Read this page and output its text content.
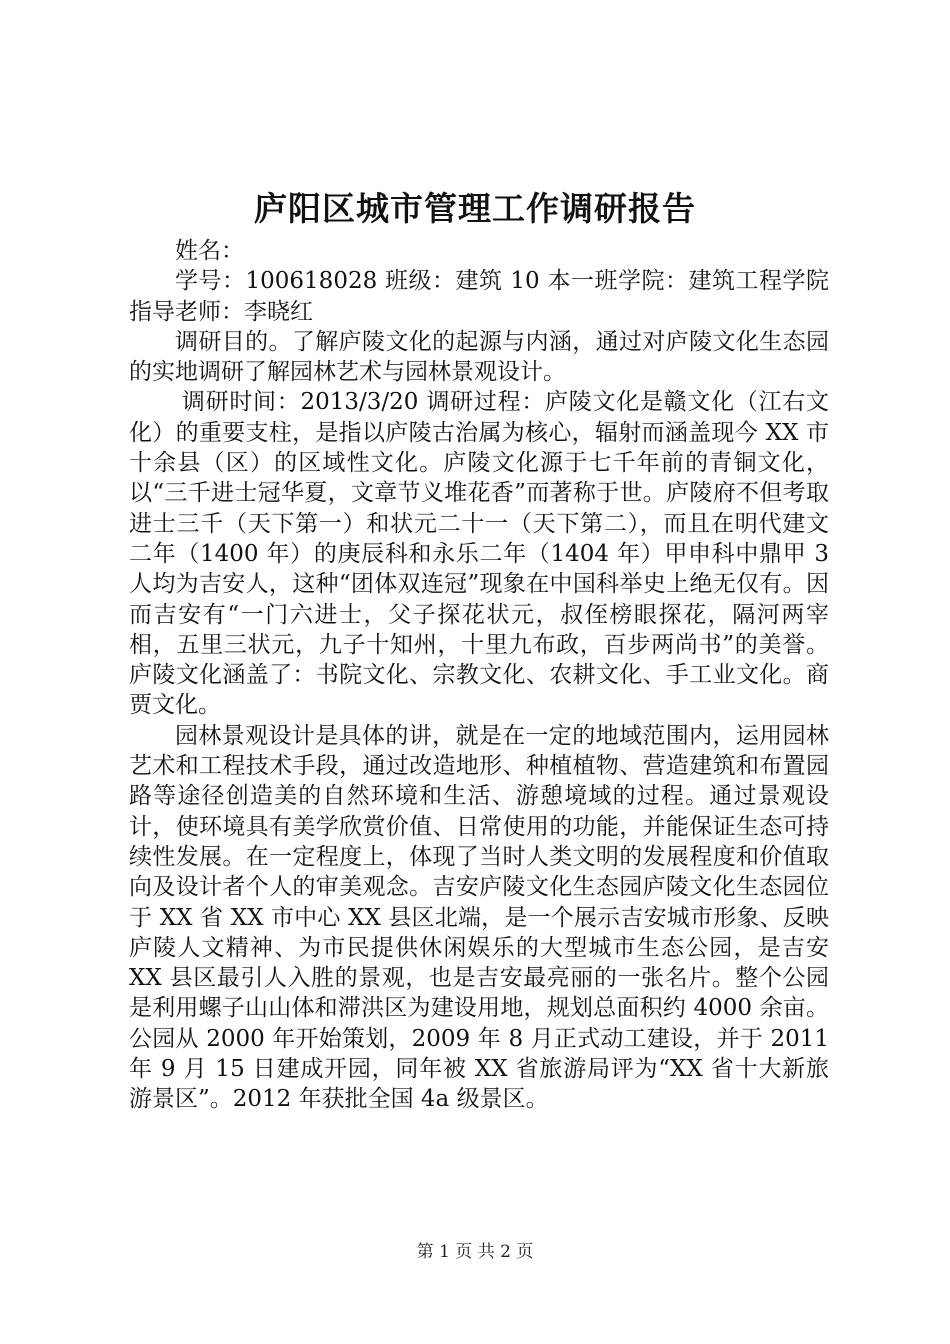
庐阳区城市管理工作调研报告

姓名：

学号：100618028 班级：建筑 10 本一班学院：建筑工程学院指导老师：李晓红

调研目的。了解庐陵文化的起源与内涵，通过对庐陵文化生态园的实地调研了解园林艺术与园林景观设计。

调研时间：2013/3/20 调研过程：庐陵文化是赣文化（江右文化）的重要支柱，是指以庐陵古治属为核心，辐射而涵盖现今 XX 市十余县（区）的区域性文化。庐陵文化源于七千年前的青铜文化，以“三千进士冠华夏，文章节义堆花香”而著称于世。庐陵府不但考取进士三千（天下第一）和状元二十一（天下第二），而且在明代建文二年（1400 年）的庚辰科和永乐二年（1404 年）甲申科中鼎甲 3 人均为吉安人，这种“团体双连冠”现象在中国科举史上绝无仅有。因而吉安有“一门六进士，父子探花状元，叔侄榜眼探花，隔河两宰相，五里三状元，九子十知州，十里九布政，百步两尚书”的美誉。庐陵文化涵盖了：书院文化、宗教文化、农耕文化、手工业文化。商贾文化。

园林景观设计是具体的讲，就是在一定的地域范围内，运用园林艺术和工程技术手段，通过改造地形、种植植物、营造建筑和布置园路等途径创造美的自然环境和生活、游憩境域的过程。通过景观设计，使环境具有美学欣赏价值、日常使用的功能，并能保证生态可持续性发展。在一定程度上，体现了当时人类文明的发展程度和价值取向及设计者个人的审美观念。吉安庐陵文化生态园庐陵文化生态园位于 XX 省 XX 市中心 XX 县区北端，是一个展示吉安城市形象、反映庐陵人文精神、为市民提供休闲娱乐的大型城市生态公园，是吉安 XX 县区最引人入胜的景观，也是吉安最亮丽的一张名片。整个公园是利用螺子山山体和滞洪区为建设用地，规划总面积约 4000 余亩。公园从 2000 年开始策划，2009 年 8 月正式动工建设，并于 2011 年 9 月 15 日建成开园，同年被 XX 省旅游局评为“XX 省十大新旅游景区”。2012 年获批全国 4a 级景区。

第 1 页 共 2 页
